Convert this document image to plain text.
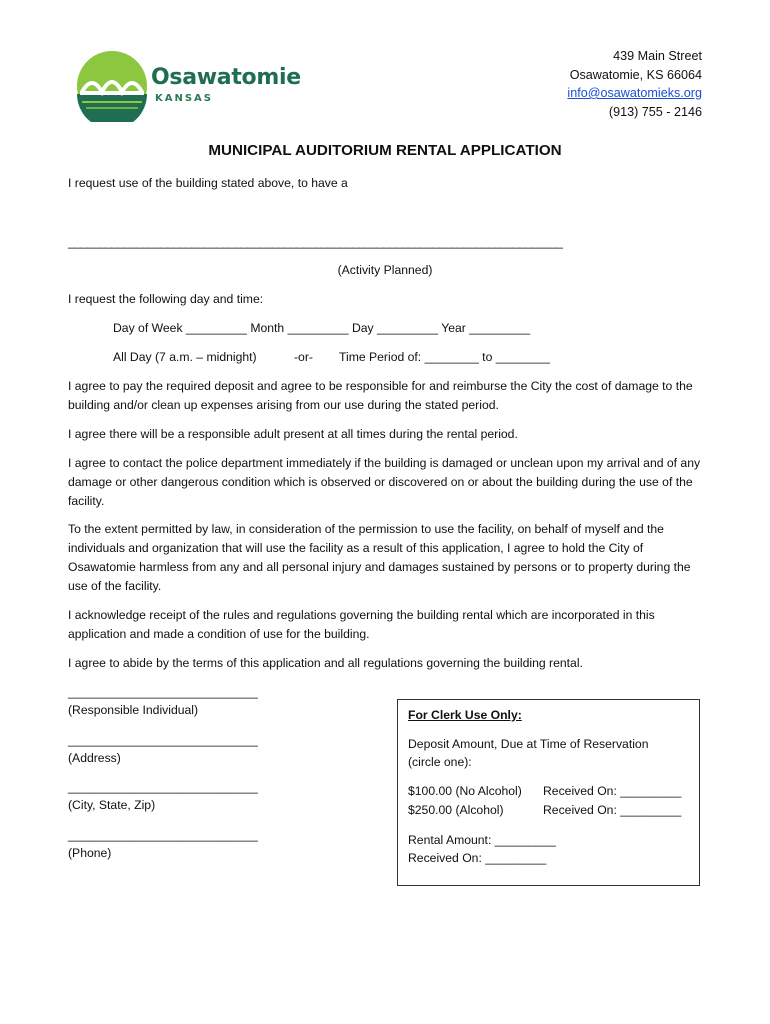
Osawatomie
KANSAS
439 Main Street
Osawatomie, KS 66064
info@osawatomieks.org
(913) 755 - 2146
MUNICIPAL AUDITORIUM RENTAL APPLICATION
I request use of the building stated above, to have a
________________________________________________________________________________
(Activity Planned)
I request the following day and time:
Day of Week _________ Month _________ Day _________ Year _________
All Day (7 a.m. – midnight)	-or- Time Period of: ________ to ________
I agree to pay the required deposit and agree to be responsible for and reimburse the City the cost of damage to the building and/or clean up expenses arising from our use during the stated period.
I agree there will be a responsible adult present at all times during the rental period.
I agree to contact the police department immediately if the building is damaged or unclean upon my arrival and of any damage or other dangerous condition which is observed or discovered on or about the building during the use of the facility.
To the extent permitted by law, in consideration of the permission to use the facility, on behalf of myself and the individuals and organization that will use the facility as a result of this application, I agree to hold the City of Osawatomie harmless from any and all personal injury and damages sustained by persons or to property during the use of the facility.
I acknowledge receipt of the rules and regulations governing the building rental which are incorporated in this application and made a condition of use for the building.
I agree to abide by the terms of this application and all regulations governing the building rental.
____________________________
(Responsible Individual)
____________________________
(Address)
____________________________
(City, State, Zip)
____________________________
(Phone)
For Clerk Use Only:
Deposit Amount, Due at Time of Reservation
(circle one):
$100.00 (No Alcohol)
$250.00 (Alcohol)
Received On: _________
Received On: _________
Rental Amount: _________
Received On: _________
